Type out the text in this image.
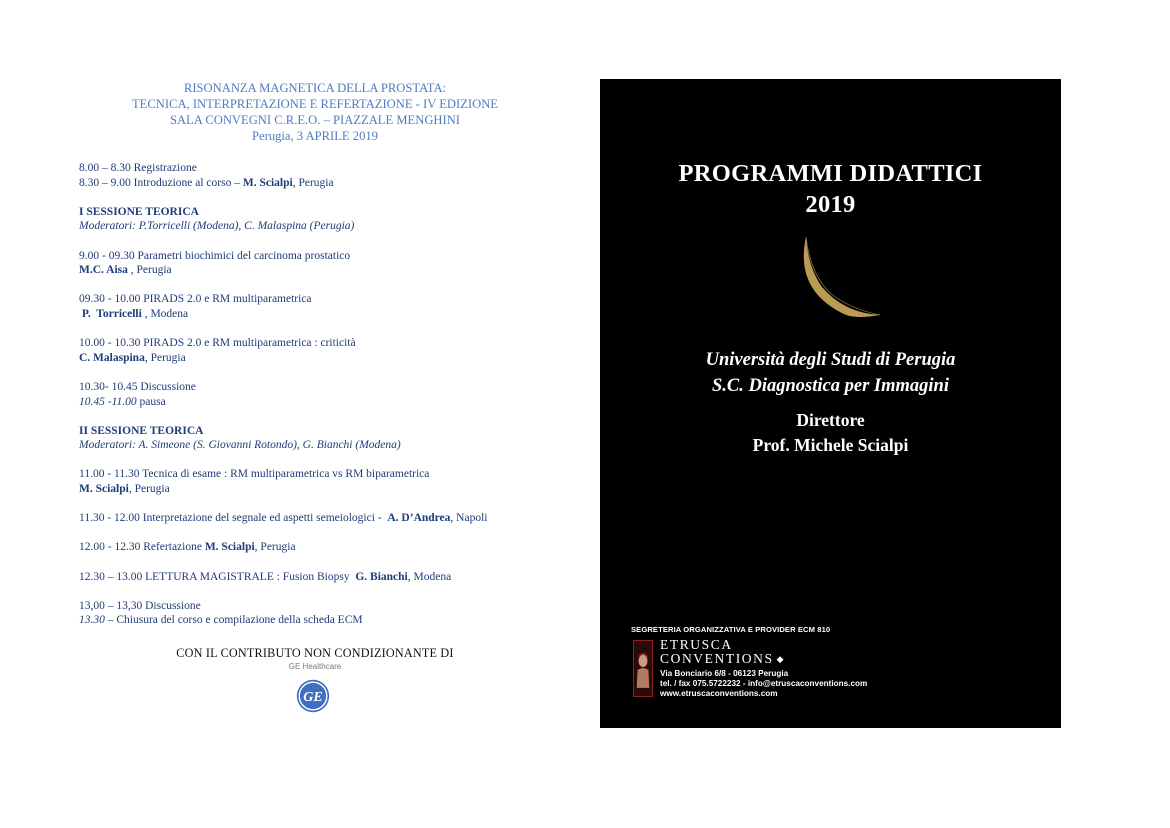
RISONANZA MAGNETICA DELLA PROSTATA:
TECNICA, INTERPRETAZIONE E REFERTAZIONE - IV EDIZIONE
SALA CONVEGNI C.R.E.O. – PIAZZALE MENGHINI
Perugia, 3 APRILE 2019
8.00 – 8.30 Registrazione
8.30 – 9.00 Introduzione al corso – M. Scialpi, Perugia
I SESSIONE TEORICA
Moderatori: P.Torricelli (Modena), C. Malaspina (Perugia)
9.00 - 09.30 Parametri biochimici del carcinoma prostatico
M.C. Aisa , Perugia
09.30 - 10.00 PIRADS 2.0 e RM multiparametrica
P.  Torricelli , Modena
10.00 - 10.30 PIRADS 2.0 e RM multiparametrica : criticità
C. Malaspina, Perugia
10.30- 10.45 Discussione
10.45 -11.00 pausa
II SESSIONE TEORICA
Moderatori: A. Simeone (S. Giovanni Rotondo), G. Bianchi (Modena)
11.00 - 11.30 Tecnica di esame : RM multiparametrica vs RM biparametrica
M. Scialpi, Perugia
11.30 - 12.00 Interpretazione del segnale ed aspetti semeiologici -  A. D’Andrea, Napoli
12.00 - 12.30 Refertazione M. Scialpi, Perugia
12.30 – 13.00 LETTURA MAGISTRALE : Fusion Biopsy  G. Bianchi, Modena
13,00 – 13,30 Discussione
13.30 – Chiusura del corso e compilazione della scheda ECM
CON IL CONTRIBUTO NON CONDIZIONANTE DI
GE Healthcare
GE
PROGRAMMI DIDATTICI
2019
Università degli Studi di Perugia
S.C. Diagnostica per Immagini
Direttore
Prof. Michele Scialpi
SEGRETERIA ORGANIZZATIVA E PROVIDER ECM 810
ETRUSCA
CONVENTIONS ◆
Via Bonciario 6/8 - 06123 Perugia
tel. / fax 075.5722232 - info@etruscaconventions.com
www.etruscaconventions.com
